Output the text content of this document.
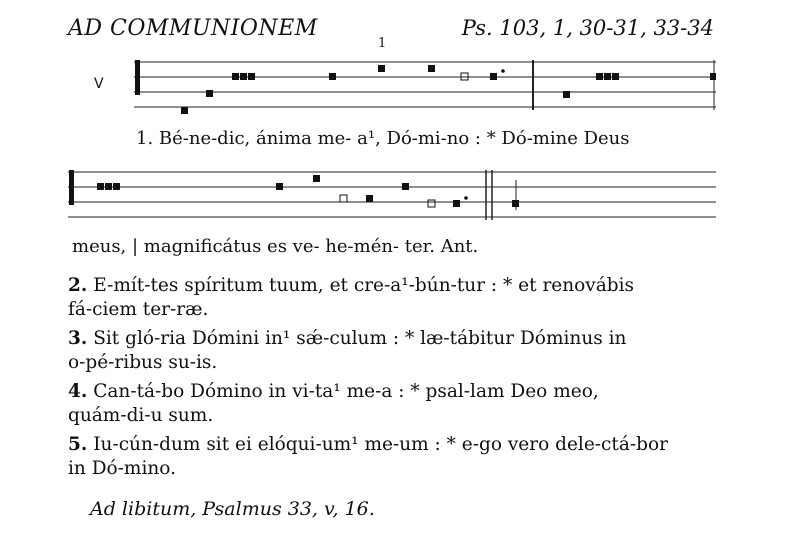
AD COMMUNIONEM	Ps. 103, 1, 30-31, 33-34
1
V
1. Bé-ne-dic, ánima me- a¹, Dó-mi-no : * Dó-mine Deus
meus, | magnificátus es ve- he-mén- ter. Ant.
2. E-mít-tes spíritum tuum, et cre-a¹-bún-tur : * et renovábis
fá-ciem ter-ræ.
3. Sit gló-ria Dómini in¹ sǽ-culum : * læ-tábitur Dóminus in
o-pé-ribus su-is.
4. Can-tá-bo Dómino in vi-ta¹ me-a : * psal-lam Deo meo,
quám-di-u sum.
5. Iu-cún-dum sit ei elóqui-um¹ me-um : * e-go vero dele-ctá-bor
in Dó-mino.
Ad libitum, Psalmus 33, v, 16.
